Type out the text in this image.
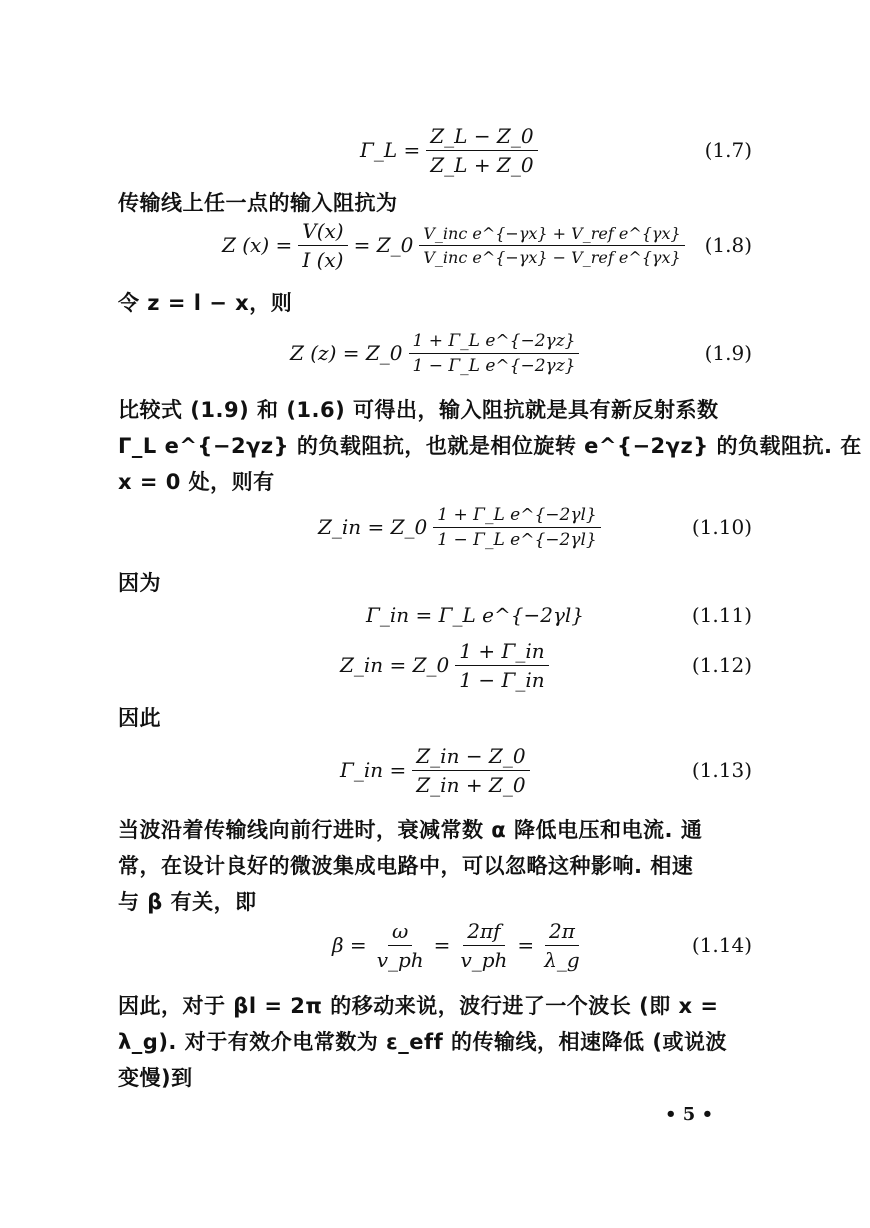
Γ_L = $\frac{Z\_L - Z\_0}{Z\_L + Z\_0}$	(1.7)
传输线上任一点的输入阻抗为
Z $(x) = \frac{V(x)}{I (x)}$ = Z_0 $\frac{\text{V\_inc e\textasciicircum{}\{−γx\} + V\_ref e\textasciicircum{}\{γx\}}}{\text{V\_inc e\textasciicircum{}\{−γx\} − V\_ref e\textasciicircum{}\{γx\}}} (1.8)$
令 z = l − x，则
Z (z) = Z_0 $\frac{\text{1 + Γ\_L e\textasciicircum{}\{−2γz\}}}{\text{1 − Γ\_L e\textasciicircum{}\{−2γz\}}}$	(1.9)
比较式 (1.9) 和 (1.6) 可得出，输入阻抗就是具有新反射系数
Γ_L e^{−2γz} 的负载阻抗，也就是相位旋转 e^{−2γz} 的负载阻抗. 在
x = 0 处，则有
Z_in = Z_0 $\frac{\text{1 + Γ\_L e\textasciicircum{}\{−2γl\}}}{\text{1 − Γ\_L e\textasciicircum{}\{−2γl\}}}$	(1.10)
因为
Γ_in = Γ_L e^{−2γl}	(1.11)
Z_in = Z_0 $\frac{1 + \Gamma\_in}{1 - \Gamma\_in}$	(1.12)
因此
Γ_in = $\frac{Z\_in - Z\_0}{Z\_in + Z\_0}$	(1.13)
当波沿着传输线向前行进时，衰减常数 α 降低电压和电流. 通
常，在设计良好的微波集成电路中，可以忽略这种影响. 相速
与 β 有关，即
$\beta = \frac{\omega}{v\_ph} = \frac{2\pi f}{v\_ph} = \frac{2\pi}{\lambda\_g}$	(1.14)
因此，对于 βl = 2π 的移动来说，波行进了一个波长 (即 x =
λ_g). 对于有效介电常数为 ε_eff 的传输线，相速降低 (或说波
变慢)到
• 5 •
